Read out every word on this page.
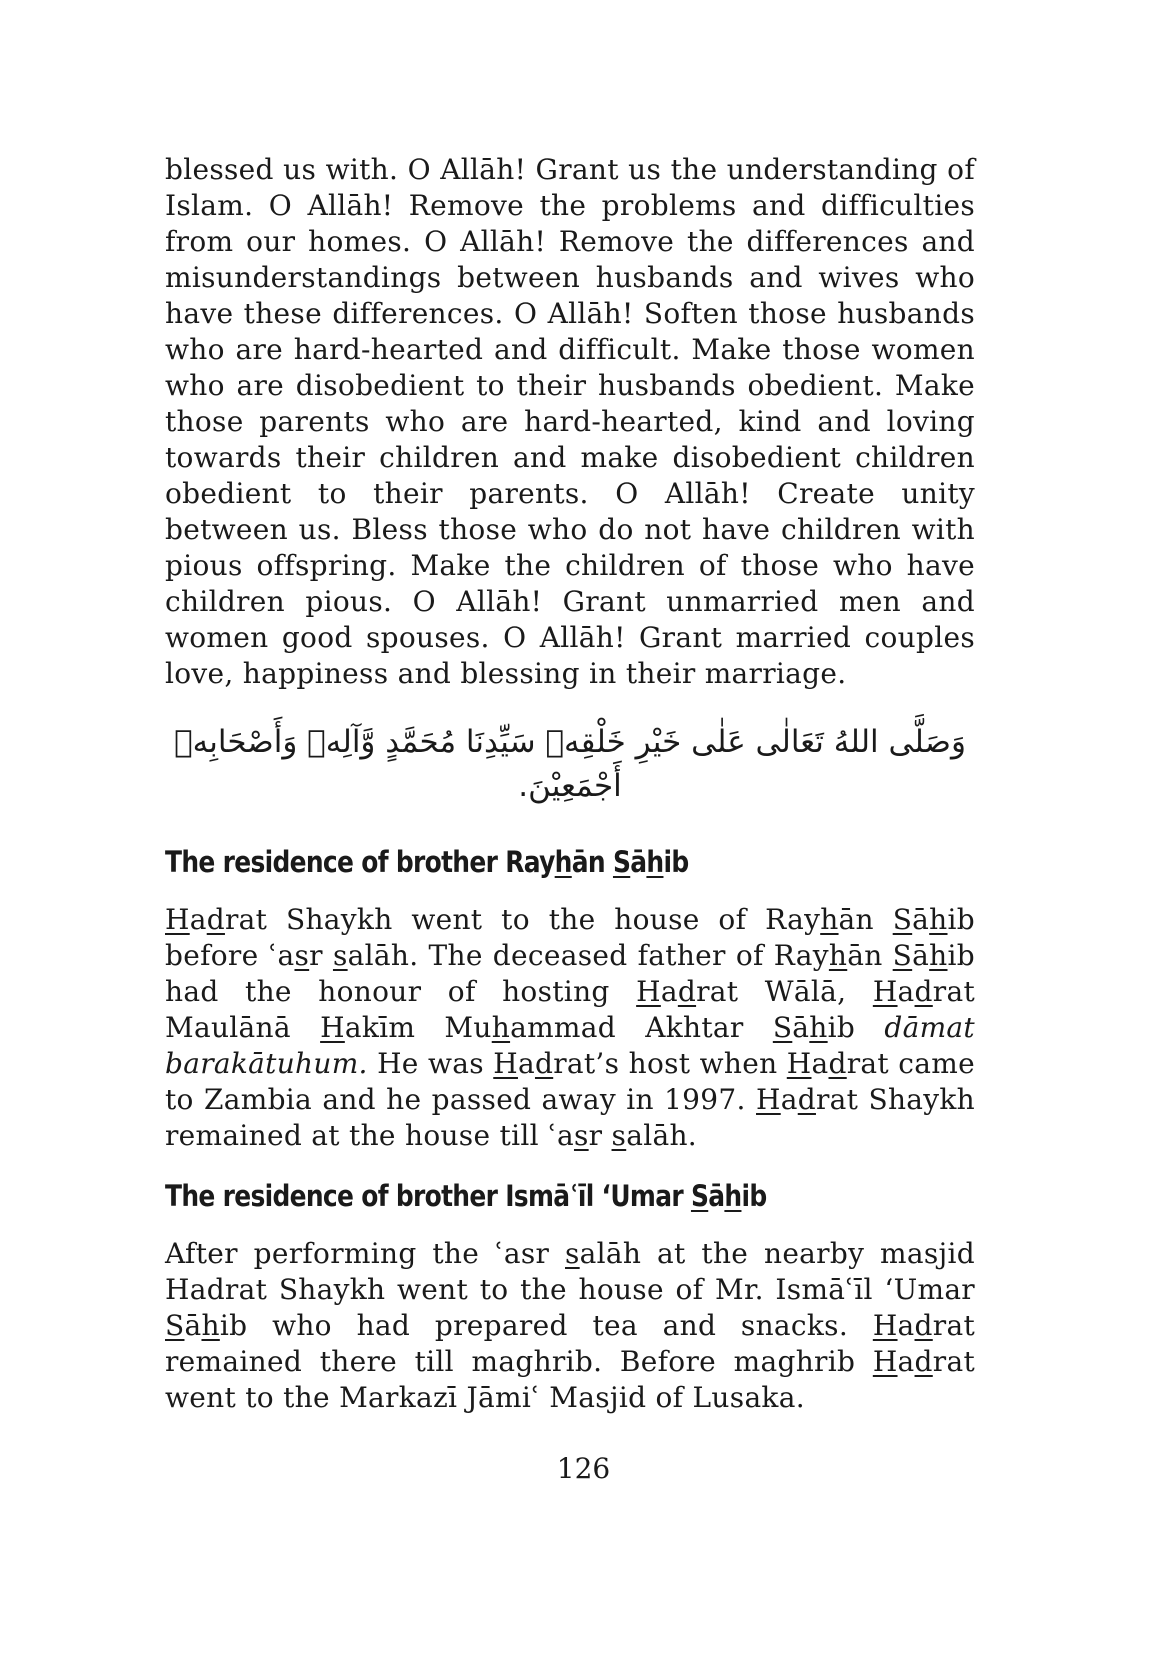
blessed us with. O Allāh! Grant us the understanding of Islam. O Allāh! Remove the problems and difficulties from our homes. O Allāh! Remove the differences and misunderstandings between husbands and wives who have these differences. O Allāh! Soften those husbands who are hard-hearted and difficult. Make those women who are disobedient to their husbands obedient. Make those parents who are hard-hearted, kind and loving towards their children and make disobedient children obedient to their parents. O Allāh! Create unity between us. Bless those who do not have children with pious offspring. Make the children of those who have children pious. O Allāh! Grant unmarried men and women good spouses. O Allāh! Grant married couples love, happiness and blessing in their marriage.

وَصَلَّى اللهُ تَعَالٰى عَلٰى خَيْرِ خَلْقِهٖ سَيِّدِنَا مُحَمَّدٍ وَّآلِهٖ وَأَصْحَابِهٖ أَجْمَعِيْنَ.
The residence of brother Rayhān Sāhib

Hadrat Shaykh went to the house of Rayhān Sāhib before ʿasr salāh. The deceased father of Rayhān Sāhib had the honour of hosting Hadrat Wālā, Hadrat Maulānā Hakīm Muhammad Akhtar Sāhib dāmat barakātuhum. He was Hadrat’s host when Hadrat came to Zambia and he passed away in 1997. Hadrat Shaykh remained at the house till ʿasr salāh.

The residence of brother Ismāʿīl ‘Umar Sāhib

After performing the ʿasr salāh at the nearby masjid Hadrat Shaykh went to the house of Mr. Ismāʿīl ‘Umar Sāhib who had prepared tea and snacks. Hadrat remained there till maghrib. Before maghrib Hadrat went to the Markazī Jāmiʿ Masjid of Lusaka.

126
